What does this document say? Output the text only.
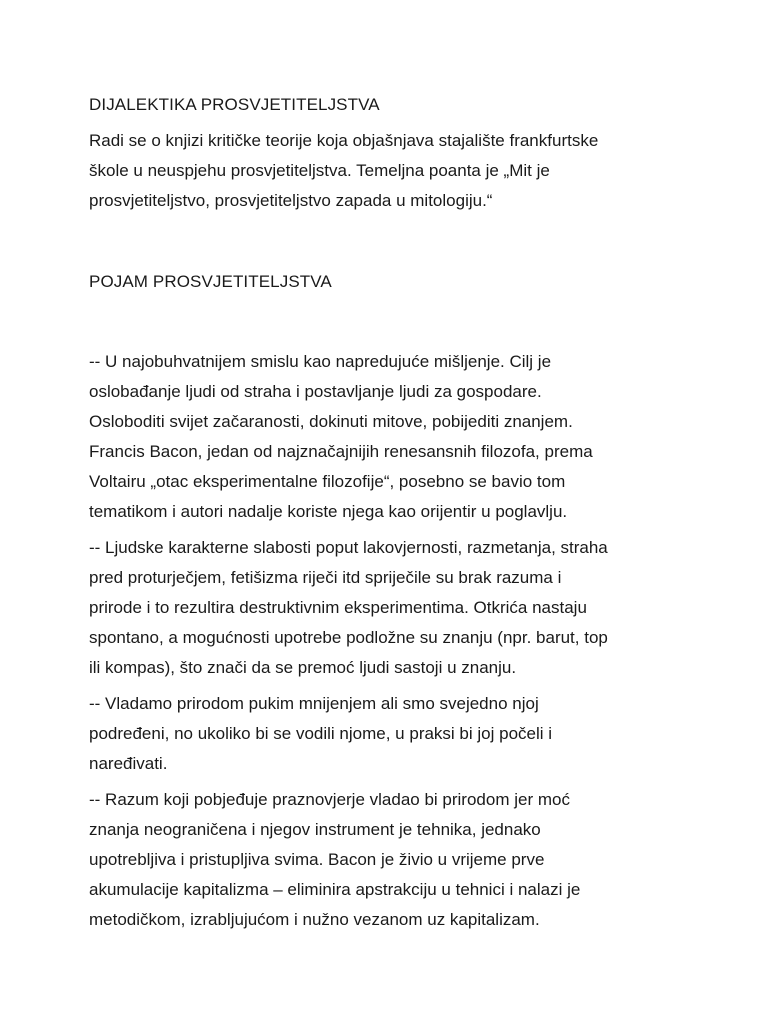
DIJALEKTIKA PROSVJETITELJSTVA

Radi se o knjizi kritičke teorije koja objašnjava stajalište frankfurtske
škole u neuspjehu prosvjetiteljstva. Temeljna poanta je „Mit je
prosvjetiteljstvo, prosvjetiteljstvo zapada u mitologiju.“

POJAM PROSVJETITELJSTVA

-- U najobuhvatnijem smislu kao napredujuće mišljenje. Cilj je
oslobađanje ljudi od straha i postavljanje ljudi za gospodare.
Osloboditi svijet začaranosti, dokinuti mitove, pobijediti znanjem.
Francis Bacon, jedan od najznačajnijih renesansnih filozofa, prema
Voltairu „otac eksperimentalne filozofije“, posebno se bavio tom
tematikom i autori nadalje koriste njega kao orijentir u poglavlju.

-- Ljudske karakterne slabosti poput lakovjernosti, razmetanja, straha
pred proturječjem, fetišizma riječi itd spriječile su brak razuma i
prirode i to rezultira destruktivnim eksperimentima. Otkrića nastaju
spontano, a mogućnosti upotrebe podložne su znanju (npr. barut, top
ili kompas), što znači da se premoć ljudi sastoji u znanju.

-- Vladamo prirodom pukim mnijenjem ali smo svejedno njoj
podređeni, no ukoliko bi se vodili njome, u praksi bi joj počeli i
naređivati.

-- Razum koji pobjeđuje praznovjerje vladao bi prirodom jer moć
znanja neograničena i njegov instrument je tehnika, jednako
upotrebljiva i pristupljiva svima. Bacon je živio u vrijeme prve
akumulacije kapitalizma – eliminira apstrakciju u tehnici i nalazi je
metodičkom, izrabljujućom i nužno vezanom uz kapitalizam.
